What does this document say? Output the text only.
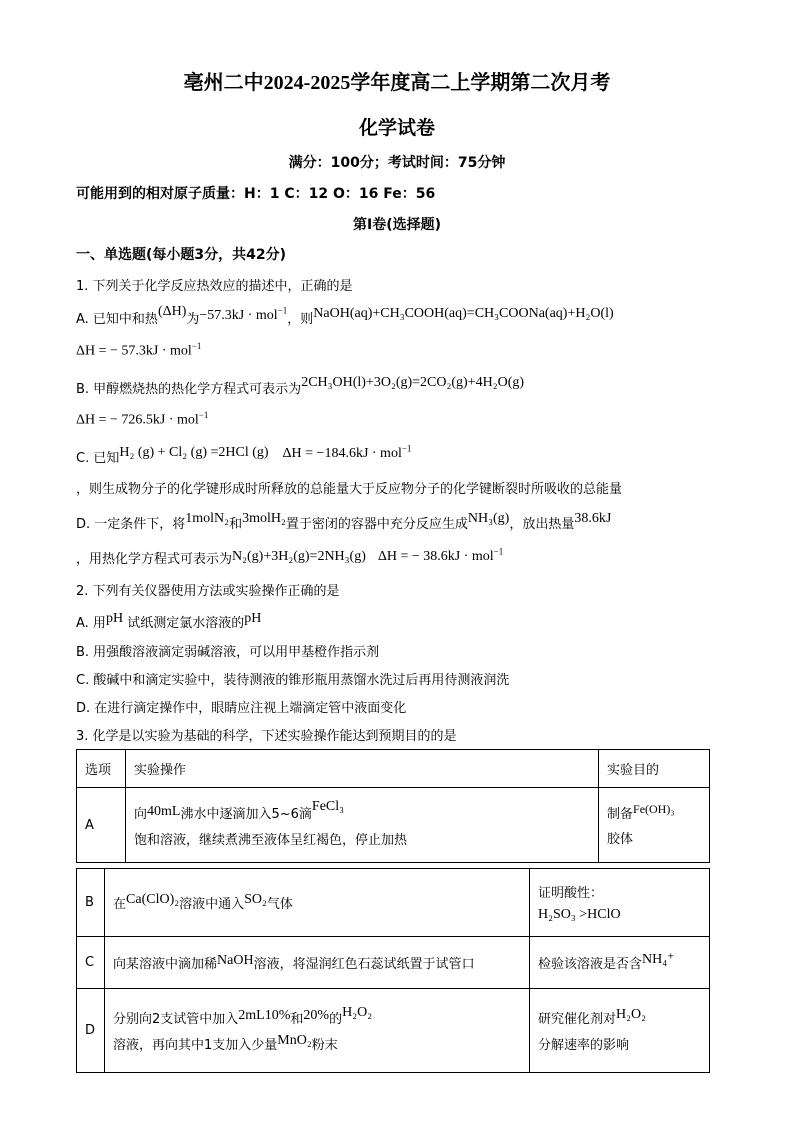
亳州二中2024-2025学年度高二上学期第二次月考
化学试卷
满分：100分；考试时间：75分钟
可能用到的相对原子质量：H：1 C：12 O：16 Fe：56
第I卷(选择题)
一、单选题(每小题3分，共42分)
1. 下列关于化学反应热效应的描述中，正确的是
A. 已知中和热(ΔH)为−57.3kJ · mol$^{-1}$，则NaOH(aq)+CH₃COOH(aq)=CH₃COONa(aq)+H₂O(l)
ΔH = − 57.3kJ · mol$^{-1}$
B. 甲醇燃烧热的热化学方程式可表示为2CH₃OH(l)+3O₂(g)=2CO₂(g)+4H₂O(g)
ΔH = − 726.5kJ · mol$^{-1}$
C. 已知H₂ (g) + Cl₂ (g) =2HCl (g) ΔH = −184.6kJ · mol$^{-1}$
，则生成物分子的化学键形成时所释放的总能量大于反应物分子的化学键断裂时所吸收的总能量
D. 一定条件下，将1molN₂和3molH₂置于密闭的容器中充分反应生成NH₃(g)，放出热量38.6kJ
，用热化学方程式可表示为N₂(g)+3H₂(g)=2NH₃(g) ΔH = − 38.6kJ · mol$^{-1}$
2. 下列有关仪器使用方法或实验操作正确的是
A. 用pH 试纸测定氯水溶液的pH
B. 用强酸溶液滴定弱碱溶液，可以用甲基橙作指示剂
C. 酸碱中和滴定实验中，装待测液的锥形瓶用蒸馏水洗过后再用待测液润洗
D. 在进行滴定操作中，眼睛应注视上端滴定管中液面变化
3. 化学是以实验为基础的科学，下述实验操作能达到预期目的的是
选项	实验操作	实验目的
A	向40mL沸水中逐滴加入5~6滴FeCl₃
饱和溶液，继续煮沸至液体呈红褐色，停止加热	制备Fe(OH)₃
胶体
B	在Ca(ClO)₂溶液中通入SO₂气体	证明酸性：
H₂SO₃ >HClO

C	向某溶液中滴加稀NaOH溶液，将湿润红色石蕊试纸置于试管口	检验该溶液是否含NH₄⁺
D	分别向2支试管中加入2mL10%和20%的H₂O₂
溶液，再向其中1支加入少量MnO₂粉末	研究催化剂对H₂O₂
分解速率的影响
